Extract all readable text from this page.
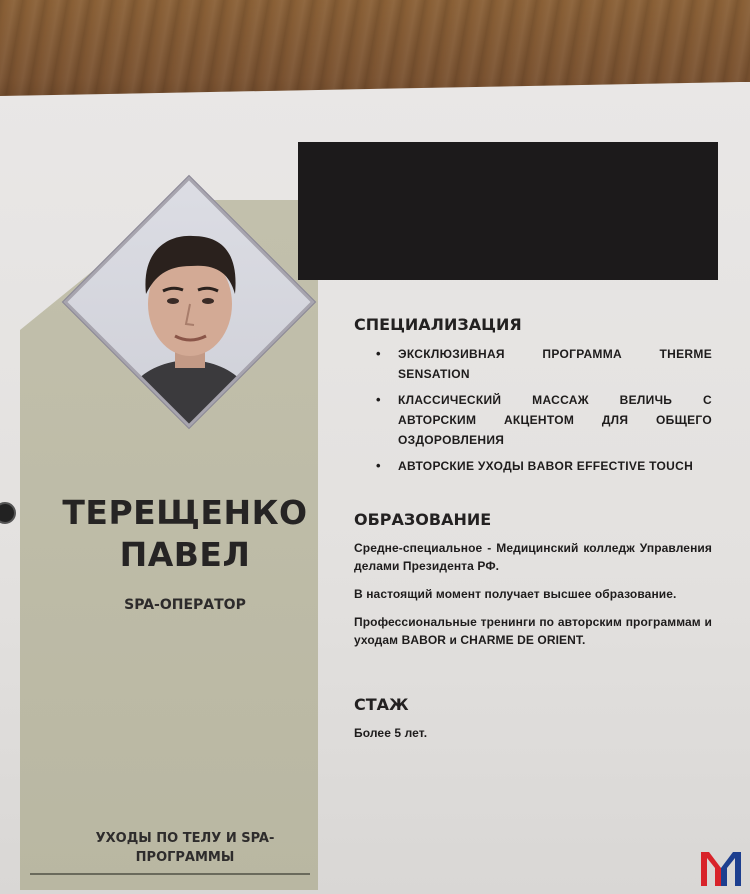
ТЕРЕЩЕНКО
ПАВЕЛ
SPA-ОПЕРАТОР
УХОДЫ ПО ТЕЛУ И SPA-
ПРОГРАММЫ
СПЕЦИАЛИЗАЦИЯ
• ЭКСКЛЮЗИВНАЯ ПРОГРАММА THERME SENSATION
• КЛАССИЧЕСКИЙ МАССАЖ ВЕЛИЧЬ С АВТОРСКИМ АКЦЕНТОМ ДЛЯ ОБЩЕГО ОЗДОРОВЛЕНИЯ
• АВТОРСКИЕ УХОДЫ BABOR EFFECTIVE TOUCH
ОБРАЗОВАНИЕ

Средне-специальное - Медицинский колледж Управления делами Президента РФ.

В настоящий момент получает высшее образование.

Профессиональные тренинги по авторским программам и уходам BABOR и CHARME DE ORIENT.

СТАЖ

Более 5 лет.
